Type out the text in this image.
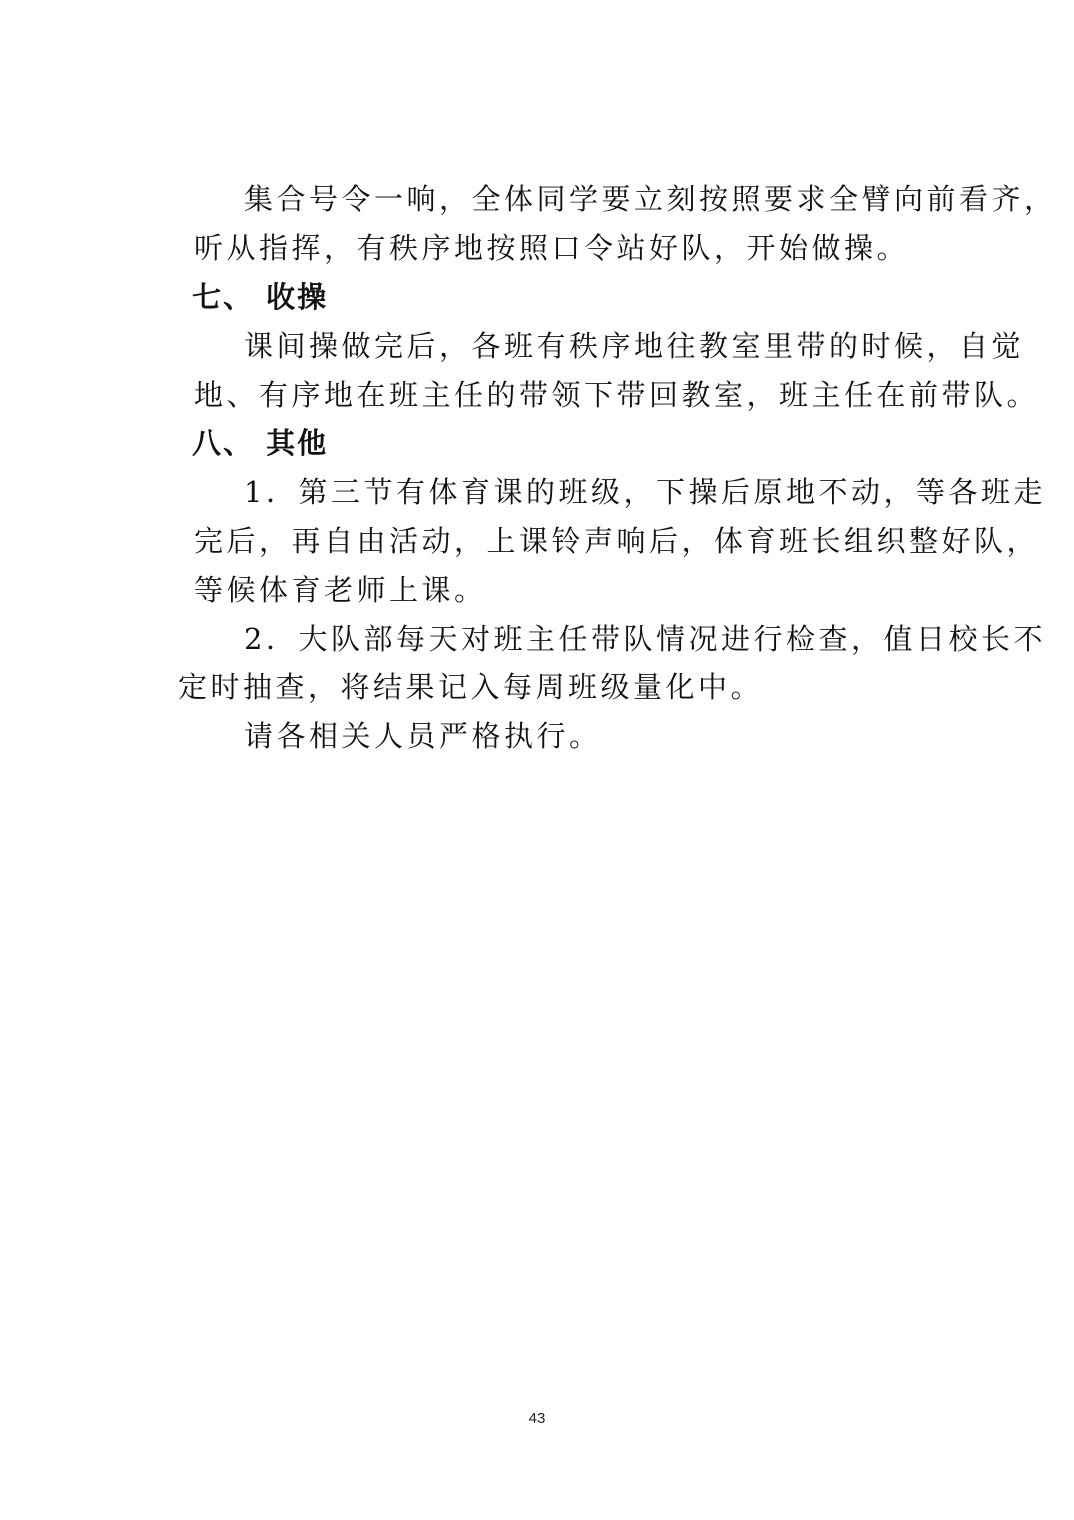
集合号令一响，全体同学要立刻按照要求全臂向前看齐，
听从指挥，有秩序地按照口令站好队，开始做操。
七、 收操
课间操做完后，各班有秩序地往教室里带的时候，自觉
地、有序地在班主任的带领下带回教室，班主任在前带队。
八、 其他
1．第三节有体育课的班级，下操后原地不动，等各班走
完后，再自由活动，上课铃声响后，体育班长组织整好队，
等候体育老师上课。
2．大队部每天对班主任带队情况进行检查，值日校长不
定时抽查，将结果记入每周班级量化中。
请各相关人员严格执行。
43
